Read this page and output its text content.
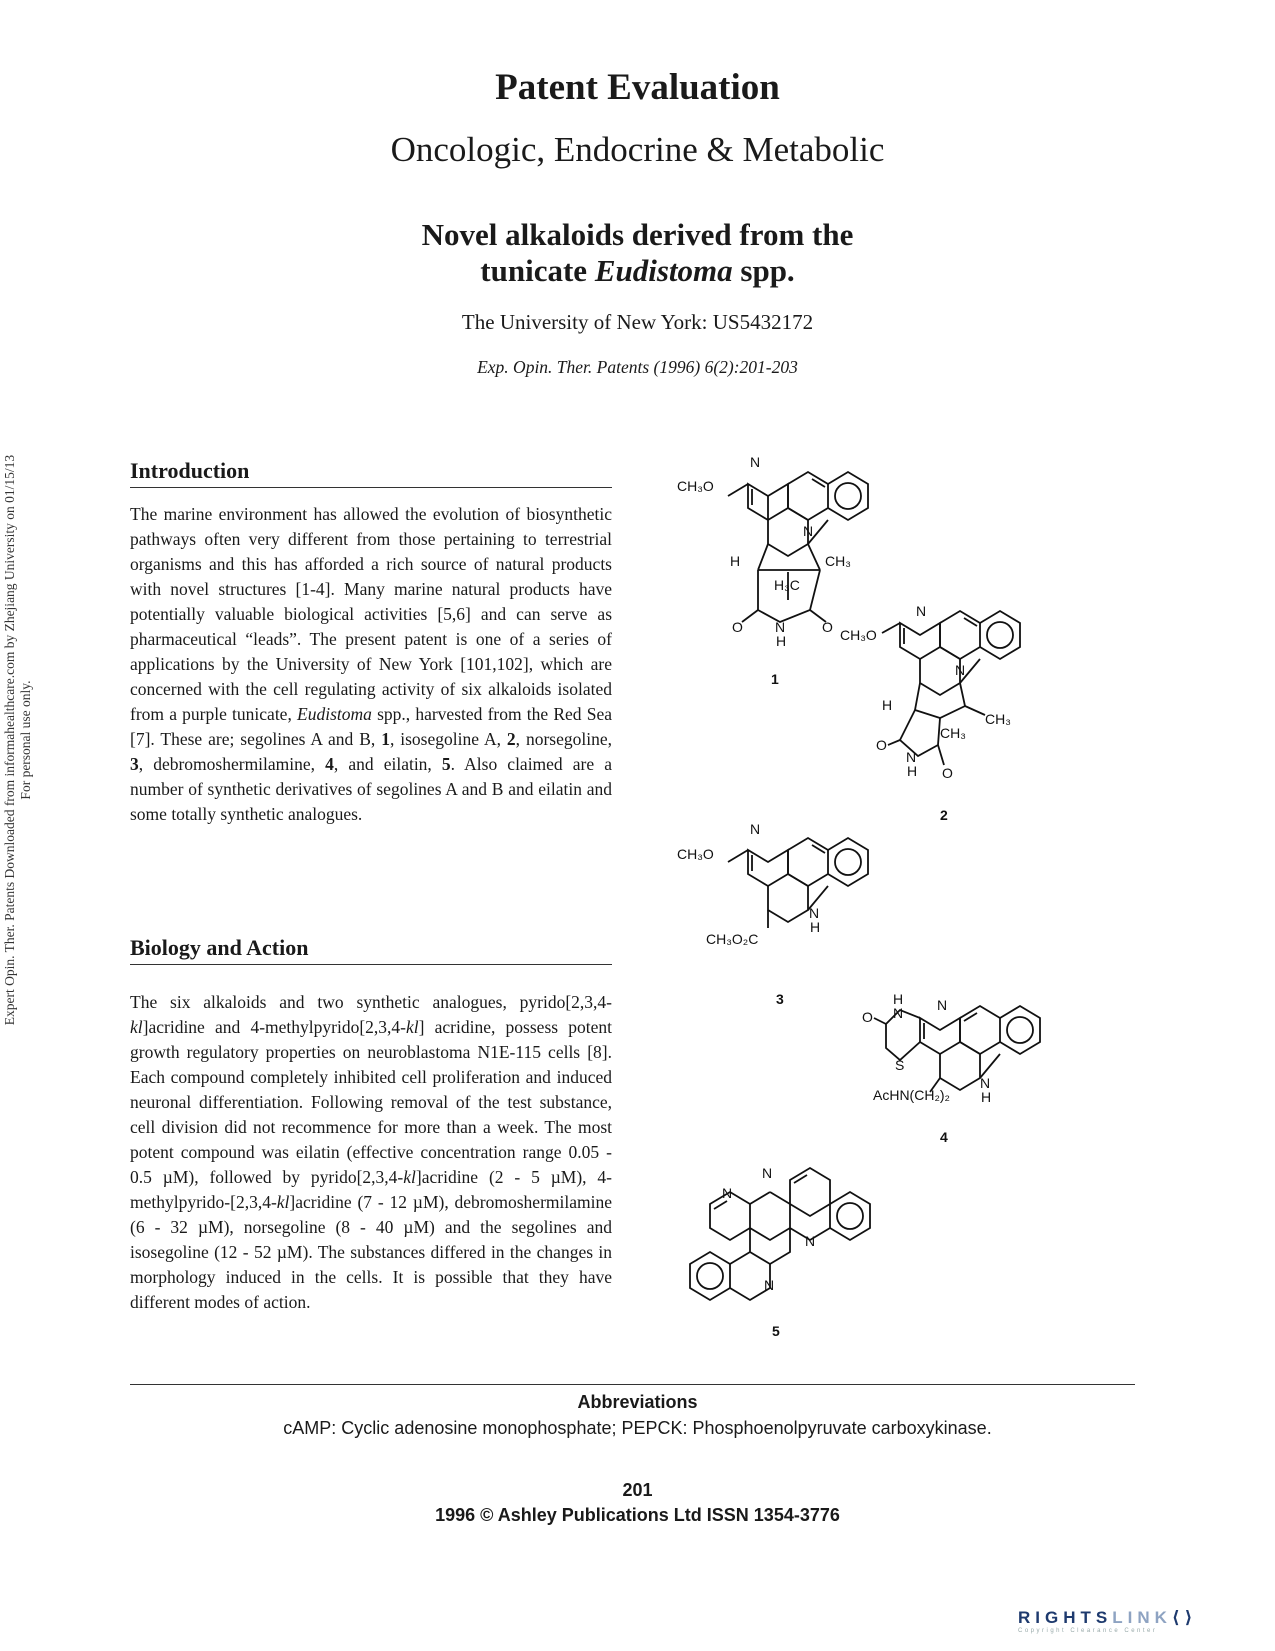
Expert Opin. Ther. Patents Downloaded from informahealthcare.com by Zhejiang University on 01/15/13 For personal use only.
Patent Evaluation
Oncologic, Endocrine & Metabolic
Novel alkaloids derived from the
tunicate Eudistoma spp.
The University of New York: US5432172
Exp. Opin. Ther. Patents (1996) 6(2):201-203
Introduction
The marine environment has allowed the evolution of biosynthetic pathways often very different from those pertaining to terrestrial organisms and this has afforded a rich source of natural products with novel structures [1-4]. Many marine natural products have potentially valuable biological activities [5,6] and can serve as pharmaceutical “leads”. The present patent is one of a series of applications by the University of New York [101,102], which are concerned with the cell regulating activity of six alkaloids isolated from a purple tunicate, Eudistoma spp., harvested from the Red Sea [7]. These are; segolines A and B, 1, isosegoline A, 2, norsegoline, 3, debromoshermilamine, 4, and eilatin, 5. Also claimed are a number of synthetic derivatives of segolines A and B and eilatin and some totally synthetic analogues.
Biology and Action
The six alkaloids and two synthetic analogues, pyrido[2,3,4-kl]acridine and 4-methylpyrido[2,3,4-kl] acridine, possess potent growth regulatory properties on neuroblastoma N1E-115 cells [8]. Each compound completely inhibited cell proliferation and induced neuronal differentiation. Following removal of the test substance, cell division did not recommence for more than a week. The most potent compound was eilatin (effective concentration range 0.05 - 0.5 µM), followed by pyrido[2,3,4-kl]acridine (2 - 5 µM), 4-methylpyrido-[2,3,4-kl]acridine (7 - 12 µM), debromoshermilamine (6 - 32 µM), norsegoline (8 - 40 µM) and the segolines and isosegoline (12 - 52 µM). The substances differed in the changes in morphology induced in the cells. It is possible that they have different modes of action.
N
CH₃O
N
H	CH₃
H₃C
O	O
N
H
1
N
CH₃O
N
H
CH₃
CH₃
O
O
N
H
2
N
CH₃O
N
H
CH₃O₂C
3	N
O
H
N
S
AcHN(CH₂)₂
N
H
4
N
N
N
N
5
Abbreviations
cAMP: Cyclic adenosine monophosphate; PEPCK: Phosphoenolpyruvate carboxykinase.
201
1996 © Ashley Publications Ltd ISSN 1354-3776
RIGHTSLINK⟨⟩
Copyright Clearance Center
